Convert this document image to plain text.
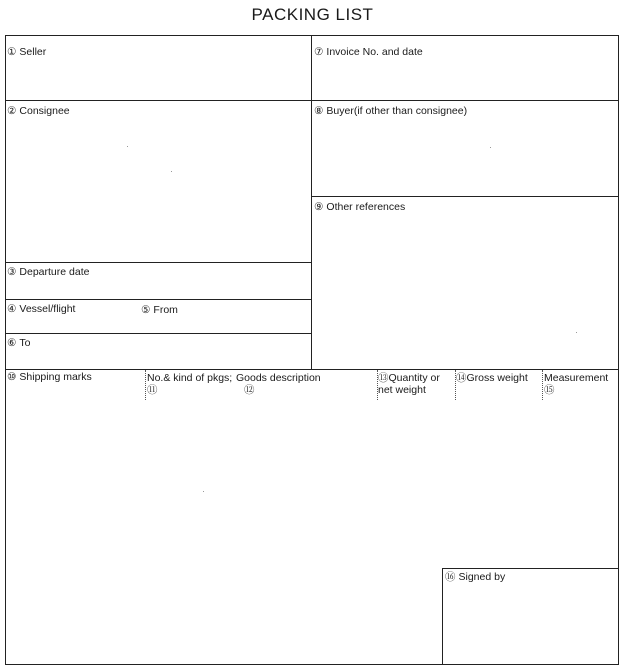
PACKING LIST
① Seller
② Consignee
③ Departure date
④ Vessel/flight	⑤ From
⑥ To
⑦ Invoice No. and date
⑧ Buyer(if other than consignee)
⑨ Other references
⑩ Shipping marks	No.& kind of pkgs;
⑪
Goods description
⑫
⑬Quantity or
net weight
⑭Gross weight Measurement
⑮
⑯ Signed by
